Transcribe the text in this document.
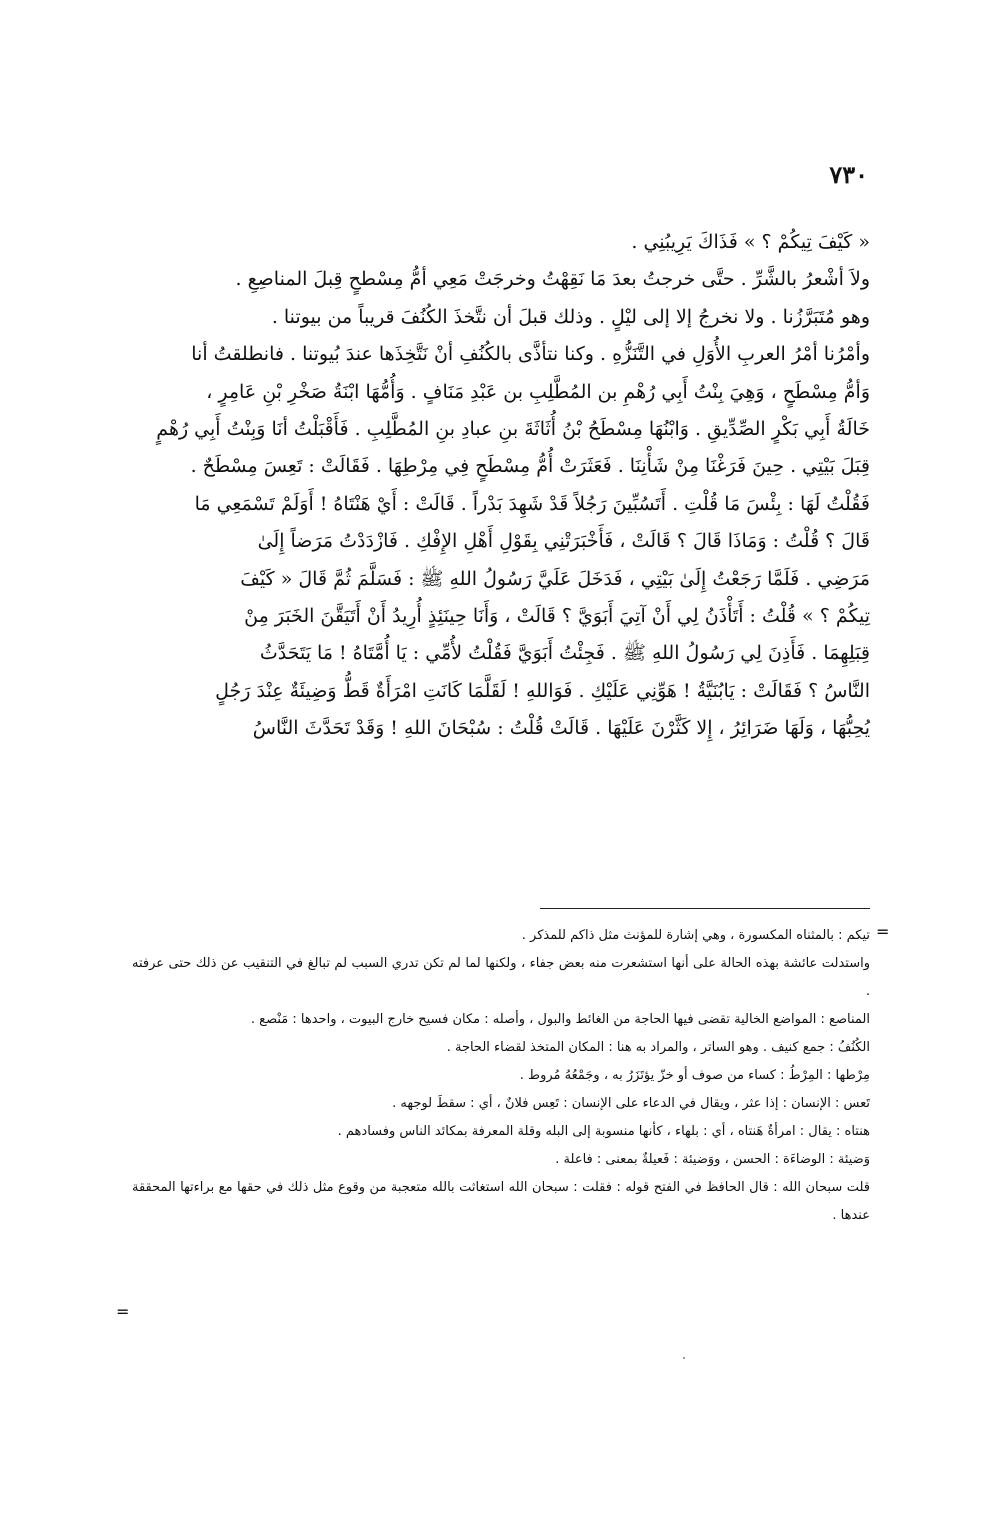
٧٣٠

« كَيْفَ تِيكُمْ ؟ » فَذَاكَ يَرِيبُنِي .

ولاَ أشْعرُ بالشَّرِّ . حتَّى خرجتُ بعدَ مَا نَقِهْتُ وخرجَتْ مَعِي أمُّ مِسْطحٍ قِبلَ المناصِعِ .

وهو مُتَبَرَّزُنا . ولا نخرجُ إلا إلى ليْلٍ . وذلك قبلَ أن نتَّخذَ الكُنُفَ قريباً من بيوتنا .

وأمْرُنا أمْرُ العربِ الأُوَلِ في التَّنَزُّهِ . وكنا نتأذَّى بالكُنُفِ أنْ نَتَّخِذَها عندَ بُيوتنا . فانطلقتُ أنا

وَأمُّ مِسْطَحٍ ، وَهِيَ بِنْتُ أَبِي رُهْمِ بن المُطَّلِبِ بن عَبْدِ مَنَافٍ . وَأُمُّهَا ابْنَةُ صَخْرِ بْنِ عَامِرٍ ،

خَالَةُ أَبِي بَكْرٍ الصِّدِّيقِ . وَابْنُهَا مِسْطَحُ بْنُ أُثَاثَةَ بنِ عبادِ بنِ المُطَّلِبِ . فَأَقْبَلْتُ أنَا وَبِنْتُ أَبِي رُهْمٍ

قِبَلَ بَيْتِي . حِينَ فَرَغْنَا مِنْ شَأْنِنَا . فَعَثَرَتْ أُمُّ مِسْطَحٍ فِي مِرْطِهَا . فَقَالَتْ : تَعِسَ مِسْطَحٌ .

فَقُلْتُ لَهَا : بِئْسَ مَا قُلْتِ . أَتَسُبِّينَ رَجُلاً قَدْ شَهِدَ بَدْراً . قَالَتْ : أَيْ هَنْتَاهُ ! أَوَلَمْ تَسْمَعِي مَا

قَالَ ؟ قُلْتُ : وَمَاذَا قَالَ ؟ قَالَتْ ، فَأَخْبَرَتْنِي بِقَوْلِ أَهْلِ الإِفْكِ . فَازْدَدْتُ مَرَضاً إِلَىٰ

مَرَضِي . فَلَمَّا رَجَعْتُ إِلَىٰ بَيْتِي ، فَدَخَلَ عَلَيَّ رَسُولُ اللهِ ﷺ : فَسَلَّمَ ثُمَّ قَالَ « كَيْفَ

تِيكُمْ ؟ » قُلْتُ : أَتَأْذَنُ لِي أَنْ آتِيَ أَبَوَيَّ ؟ قَالَتْ ، وَأَنَا حِينَئِذٍ أُرِيدُ أَنْ أَتَيَقَّنَ الخَبَرَ مِنْ

قِبَلِهِمَا . فَأَذِنَ لِي رَسُولُ اللهِ ﷺ . فَجِئْتُ أَبَوَيَّ فَقُلْتُ لأُمِّي : يَا أُمَّتَاهُ ! مَا يَتَحَدَّثُ

النَّاسُ ؟ فَقَالَتْ : يَابُنَيَّةُ ! هَوِّنِي عَلَيْكِ . فَوَاللهِ ! لَقَلَّمَا كَانَتِ امْرَأَةٌ قَطُّ وَضِيئَةٌ عِنْدَ رَجُلٍ

يُحِبُّهَا ، وَلَهَا ضَرَائِرُ ، إِلا كَثَّرْنَ عَلَيْهَا . قَالَتْ قُلْتُ : سُبْحَانَ اللهِ ! وَقَدْ تَحَدَّثَ النَّاسُ

=

تيكم : بالمثناه المكسورة ، وهي إشارة للمؤنث مثل ذاكم للمذكر .

واستدلت عائشة بهذه الحالة على أنها استشعرت منه بعض جفاء ، ولكنها لما لم تكن تدري السبب لم تبالغ في التنقيب عن ذلك حتى عرفته .

المناصع : المواضع الخالية تقضى فيها الحاجة من الغائط والبول ، وأصله : مكان فسيح خارج البيوت ، واحدها : مَنْصع .

الكُنُفُ : جمع كنيف . وهو الساتر ، والمراد به هنا : المكان المتخذ لقضاء الحاجة .

مِرْطها : المِرْطُ : كساء من صوف أو خزّ يؤتَزَرُ به ، وجَمْعُهُ مُروط .

تَعس : الإنسان : إذا عثر ، ويقال في الدعاء على الإنسان : تَعِس فلانٌ ، أي : سقطَ لوجهه .

هنتاه : يقال : امرأةٌ هَنتاه ، أي : بلهاء ، كأنها منسوبة إلى البله وقلة المعرفة بمكائد الناس وفسادهم .

وَضيئة : الوضاءَة : الحسن ، ووَضيئة : فَعيلةٌ بمعنى : فاعلة .

قلت سبحان الله : قال الحافظ في الفتح قوله : فقلت : سبحان الله استغاثت بالله متعجبة من وقوع مثل ذلك في حقها مع براءتها المحققة عندها .

=
